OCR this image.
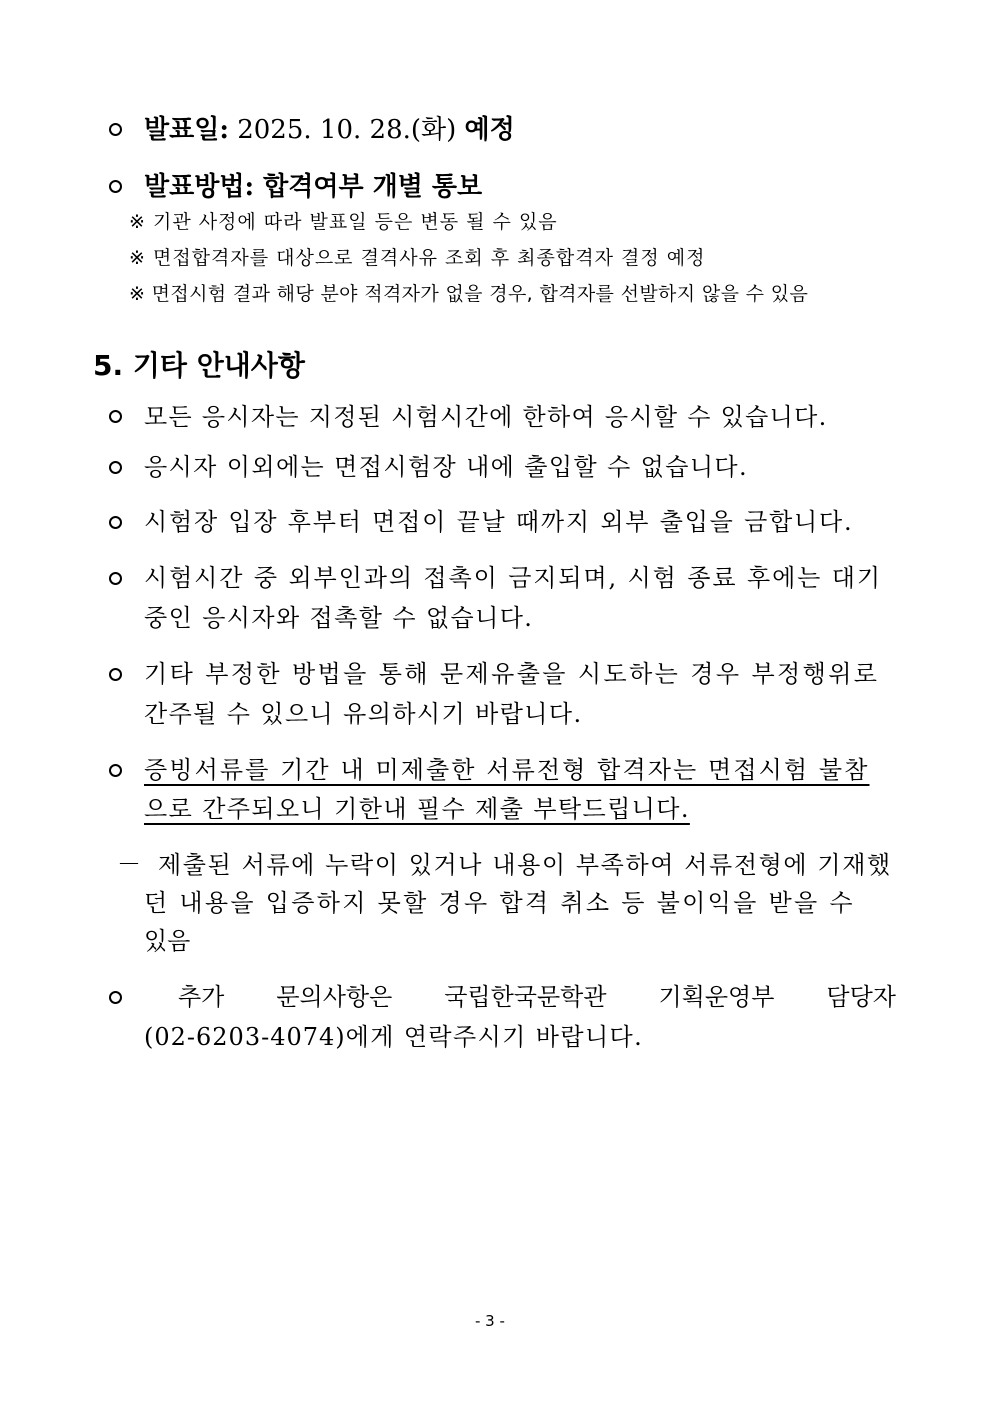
발표일: 2025. 10. 28.(화) 예정
발표방법: 합격여부 개별 통보
※ 기관 사정에 따라 발표일 등은 변동 될 수 있음
※ 면접합격자를 대상으로 결격사유 조회 후 최종합격자 결정 예정
※ 면접시험 결과 해당 분야 적격자가 없을 경우, 합격자를 선발하지 않을 수 있음
5. 기타 안내사항
모든 응시자는 지정된 시험시간에 한하여 응시할 수 있습니다.
응시자 이외에는 면접시험장 내에 출입할 수 없습니다.
시험장 입장 후부터 면접이 끝날 때까지 외부 출입을 금합니다.
시험시간 중 외부인과의 접촉이 금지되며, 시험 종료 후에는 대기
중인 응시자와 접촉할 수 없습니다.
기타 부정한 방법을 통해 문제유출을 시도하는 경우 부정행위로
간주될 수 있으니 유의하시기 바랍니다.
증빙서류를 기간 내 미제출한 서류전형 합격자는 면접시험 불참
으로 간주되오니 기한내 필수 제출 부탁드립니다.
－ 제출된 서류에 누락이 있거나 내용이 부족하여 서류전형에 기재했
던 내용을 입증하지 못할 경우 합격 취소 등 불이익을 받을 수
있음
추가 문의사항은 국립한국문학관 기획운영부 담당자
(02-6203-4074)에게 연락주시기 바랍니다.
- 3 -
